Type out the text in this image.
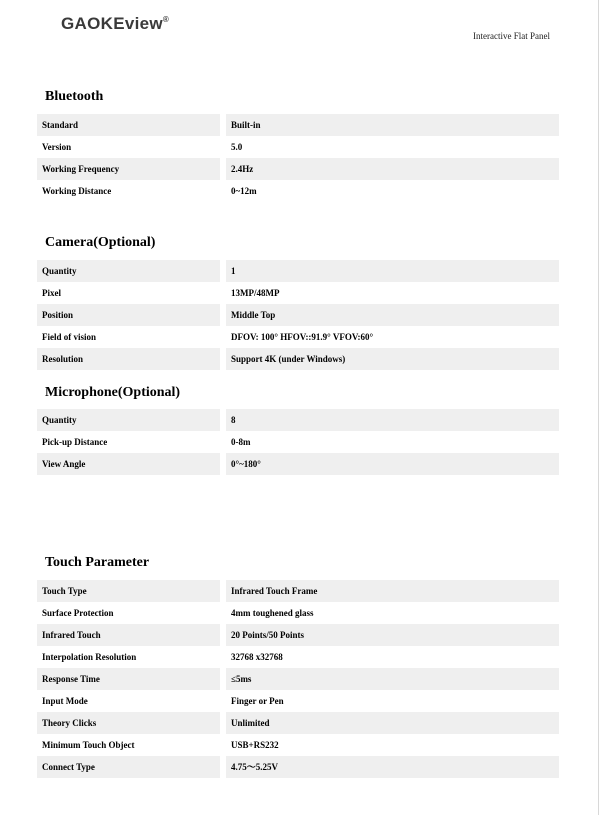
GAOKEview®
Interactive Flat Panel
Bluetooth
Standard	Built-in
Version	5.0
Working Frequency	2.4Hz
Working Distance	0~12m
Camera(Optional)
Quantity	1
Pixel	13MP/48MP
Position	Middle Top
Field of vision	DFOV: 100° HFOV::91.9° VFOV:60°
Resolution	Support 4K (under Windows)
Microphone(Optional)
Quantity	8
Pick-up Distance	0-8m
View Angle	0°~180°
Touch Parameter
Touch Type	Infrared Touch Frame
Surface Protection	4mm toughened glass
Infrared Touch	20 Points/50 Points
Interpolation Resolution	32768 x32768
Response Time	≤5ms
Input Mode	Finger or Pen
Theory Clicks	Unlimited
Minimum Touch Object	USB+RS232
Connect Type	4.75〜5.25V
